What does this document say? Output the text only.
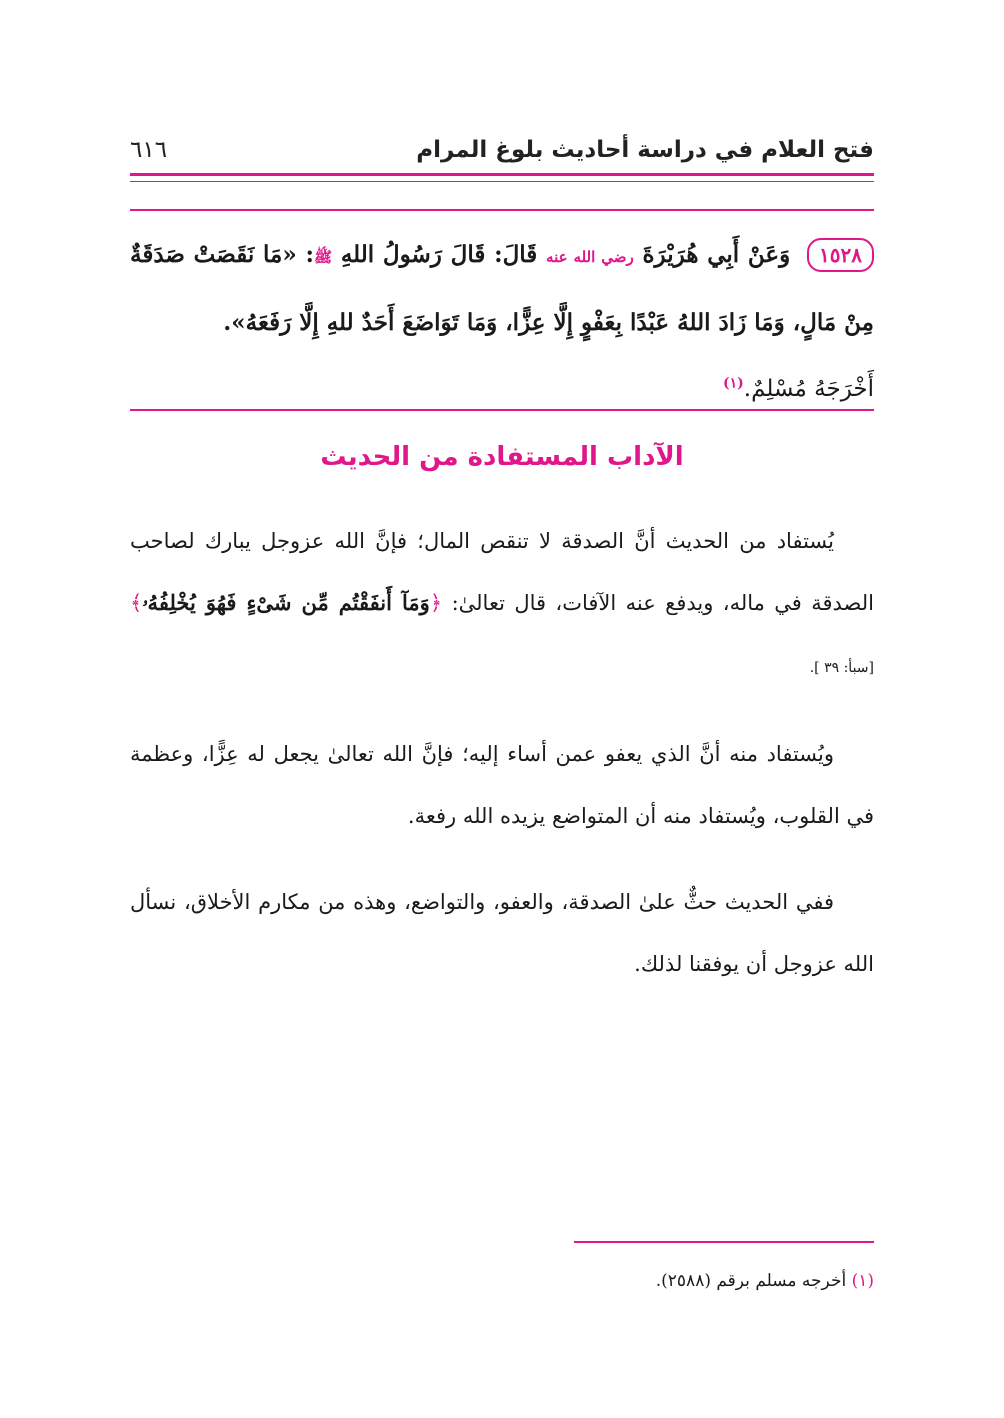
فتح العلام في دراسة أحاديث بلوغ المرام
٦١٦
١٥٢٨ وَعَنْ أَبِي هُرَيْرَةَ رضي الله عنه قَالَ: قَالَ رَسُولُ اللهِ ﷺ: «مَا نَقَصَتْ صَدَقَةٌ مِنْ مَالٍ، وَمَا زَادَ اللهُ عَبْدًا بِعَفْوٍ إِلَّا عِزًّا، وَمَا تَوَاضَعَ أَحَدٌ للهِ إِلَّا رَفَعَهُ».
أَخْرَجَهُ مُسْلِمٌ.$^{(١)}$
الآداب المستفادة من الحديث

يُستفاد من الحديث أنَّ الصدقة لا تنقص المال؛ فإنَّ الله عزوجل يبارك لصاحب الصدقة في ماله، ويدفع عنه الآفات، قال تعالىٰ: ﴿وَمَآ أَنفَقْتُم مِّن شَىْءٍ فَهُوَ يُخْلِفُهُۥ﴾ [سبأ: ٣٩ ].

ويُستفاد منه أنَّ الذي يعفو عمن أساء إليه؛ فإنَّ الله تعالىٰ يجعل له عِزًّا، وعظمة في القلوب، ويُستفاد منه أن المتواضع يزيده الله رفعة.

ففي الحديث حثٌّ علىٰ الصدقة، والعفو، والتواضع، وهذه من مكارم الأخلاق، نسأل الله عزوجل أن يوفقنا لذلك.

(١) أخرجه مسلم برقم (٢٥٨٨).
